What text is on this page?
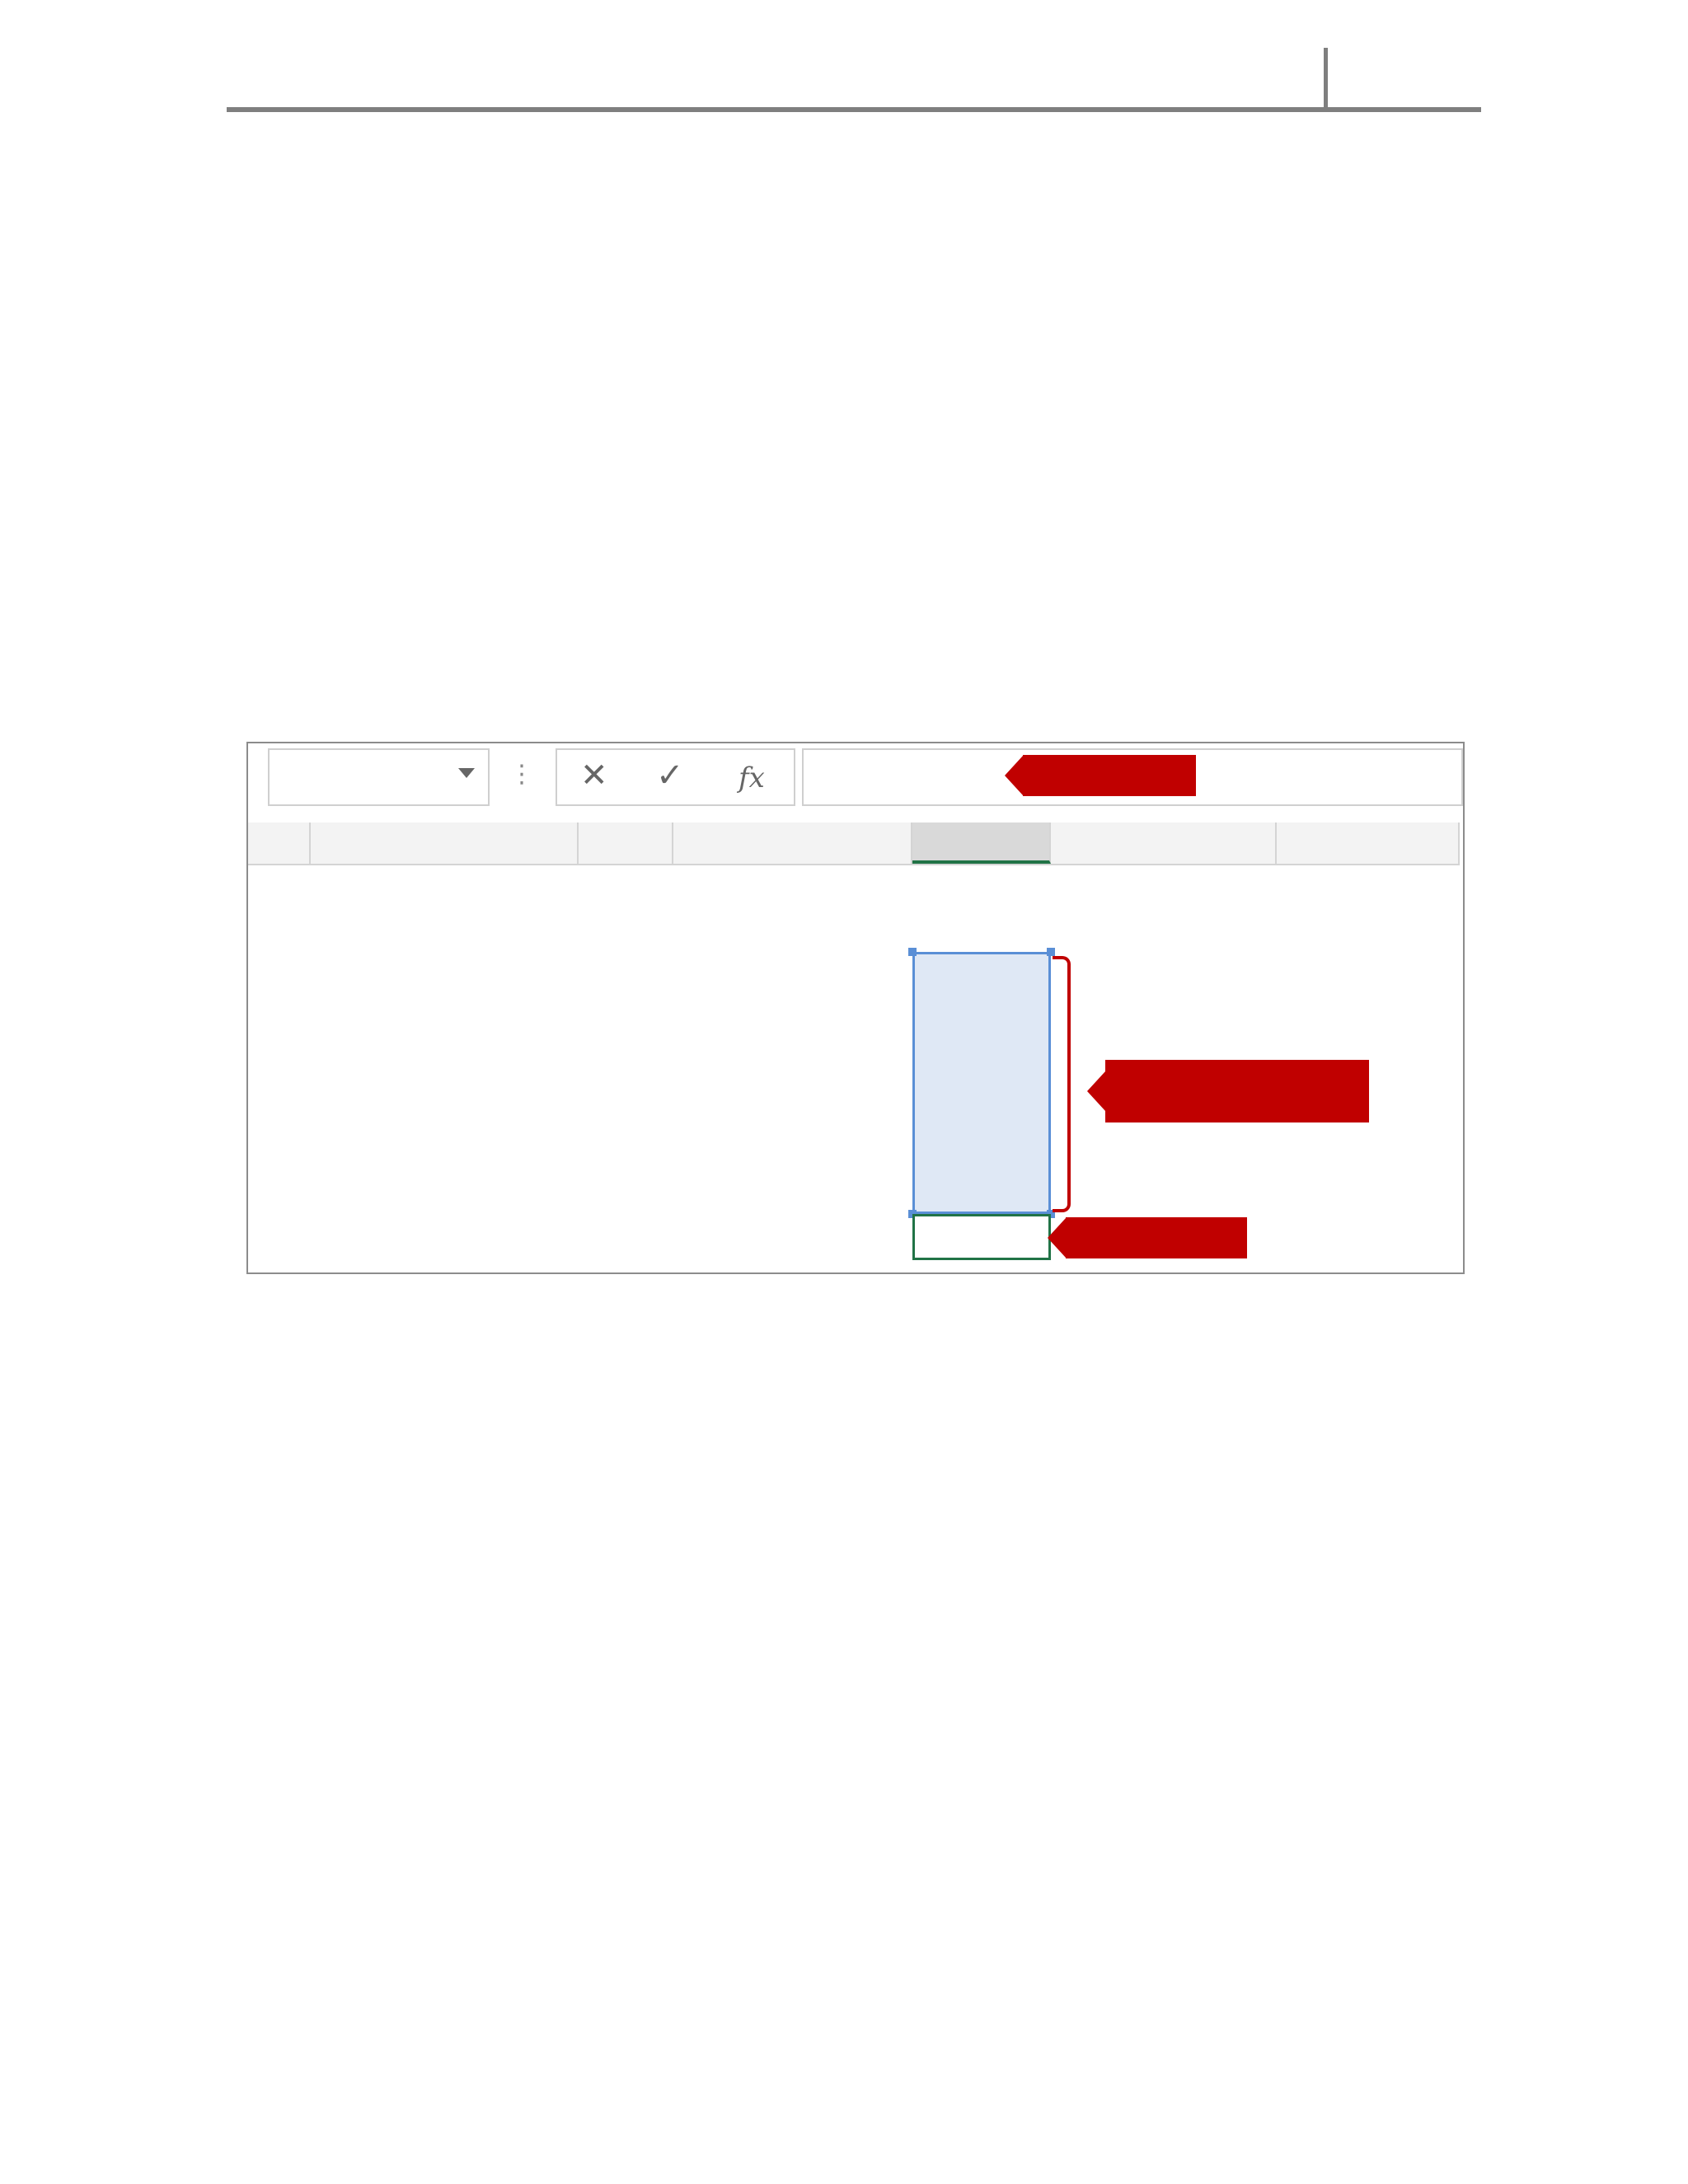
⋮ ✕ ✓ fx
